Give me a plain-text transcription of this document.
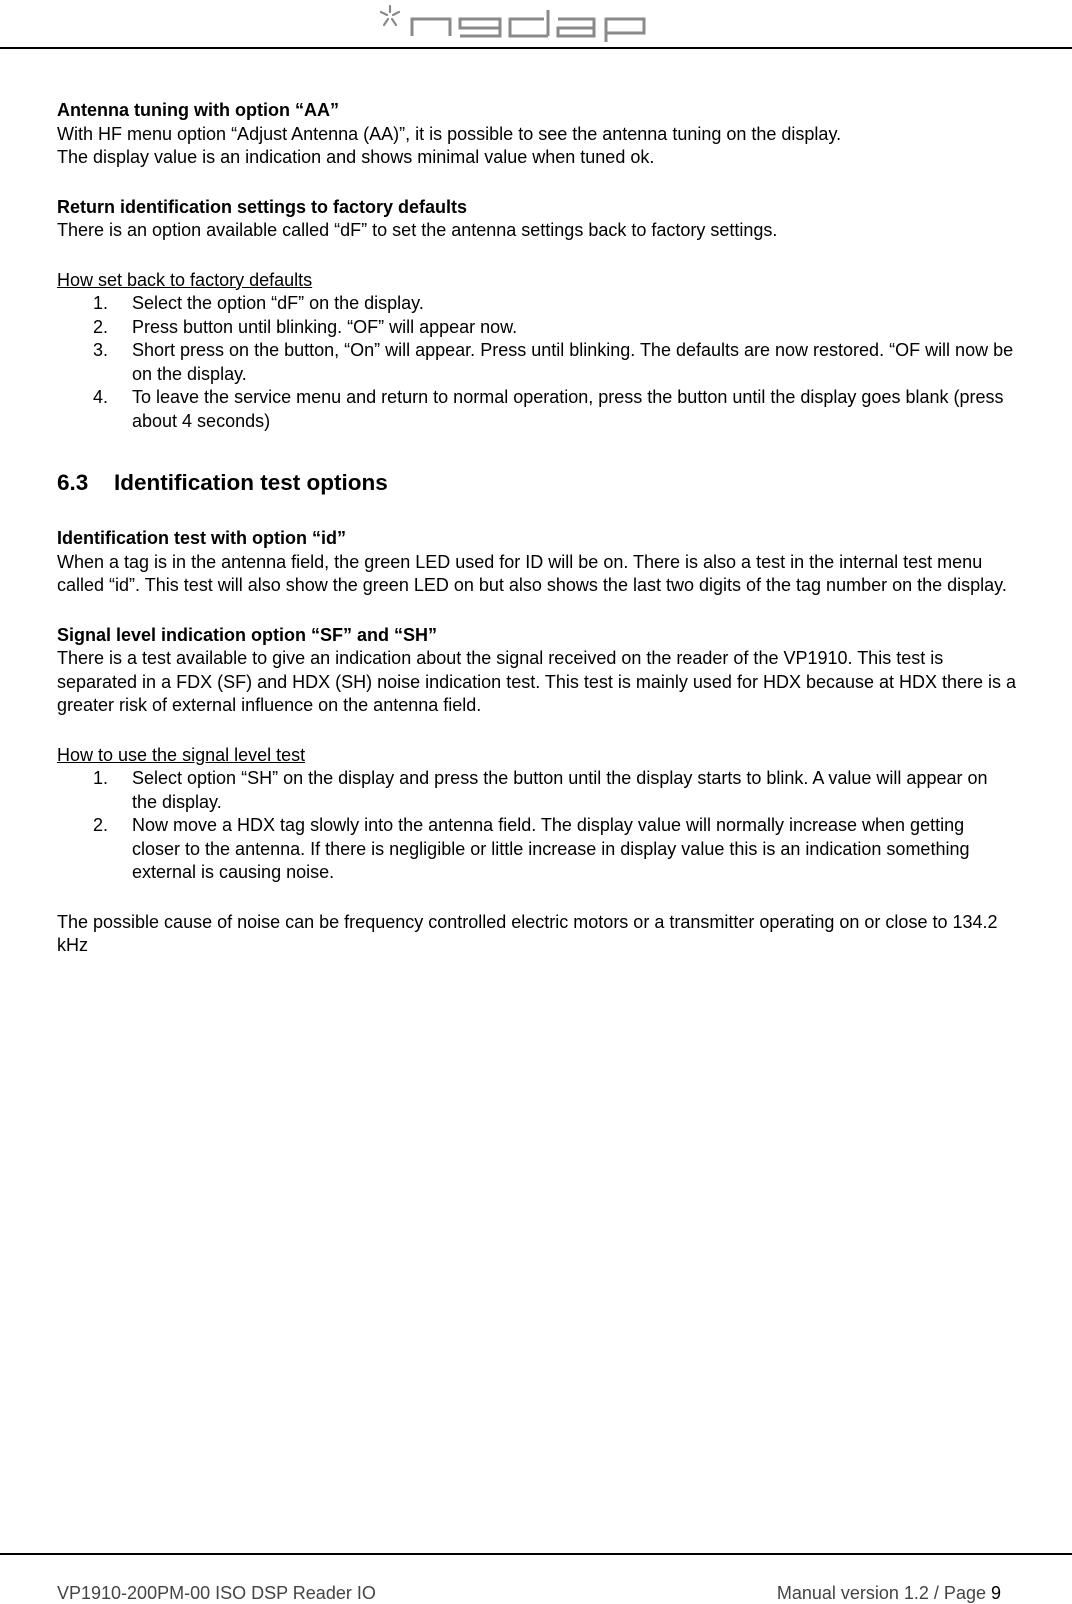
Antenna tuning with option “AA”

With HF menu option “Adjust Antenna (AA)”, it is possible to see the antenna tuning on the display.

The display value is an indication and shows minimal value when tuned ok.

Return identification settings to factory defaults

There is an option available called “dF” to set the antenna settings back to factory settings.

How set back to factory defaults

1. Select the option “dF” on the display.
2. Press button until blinking. “OF” will appear now.
3. Short press on the button, “On” will appear. Press until blinking. The defaults are now restored. “OF will now be on the display.
4. To leave the service menu and return to normal operation, press the button until the display goes blank (press about 4 seconds)
6.3 Identification test options

Identification test with option “id”

When a tag is in the antenna field, the green LED used for ID will be on. There is also a test in the internal test menu called “id”. This test will also show the green LED on but also shows the last two digits of the tag number on the display.

Signal level indication option “SF” and “SH”

There is a test available to give an indication about the signal received on the reader of the VP1910. This test is separated in a FDX (SF) and HDX (SH) noise indication test. This test is mainly used for HDX because at HDX there is a greater risk of external influence on the antenna field.

How to use the signal level test

1. Select option “SH” on the display and press the button until the display starts to blink. A value will appear on the display.
2. Now move a HDX tag slowly into the antenna field. The display value will normally increase when getting closer to the antenna. If there is negligible or little increase in display value this is an indication something external is causing noise.

The possible cause of noise can be frequency controlled electric motors or a transmitter operating on or close to 134.2 kHz

VP1910-200PM-00 ISO DSP Reader IO	Manual version 1.2 / Page 9
